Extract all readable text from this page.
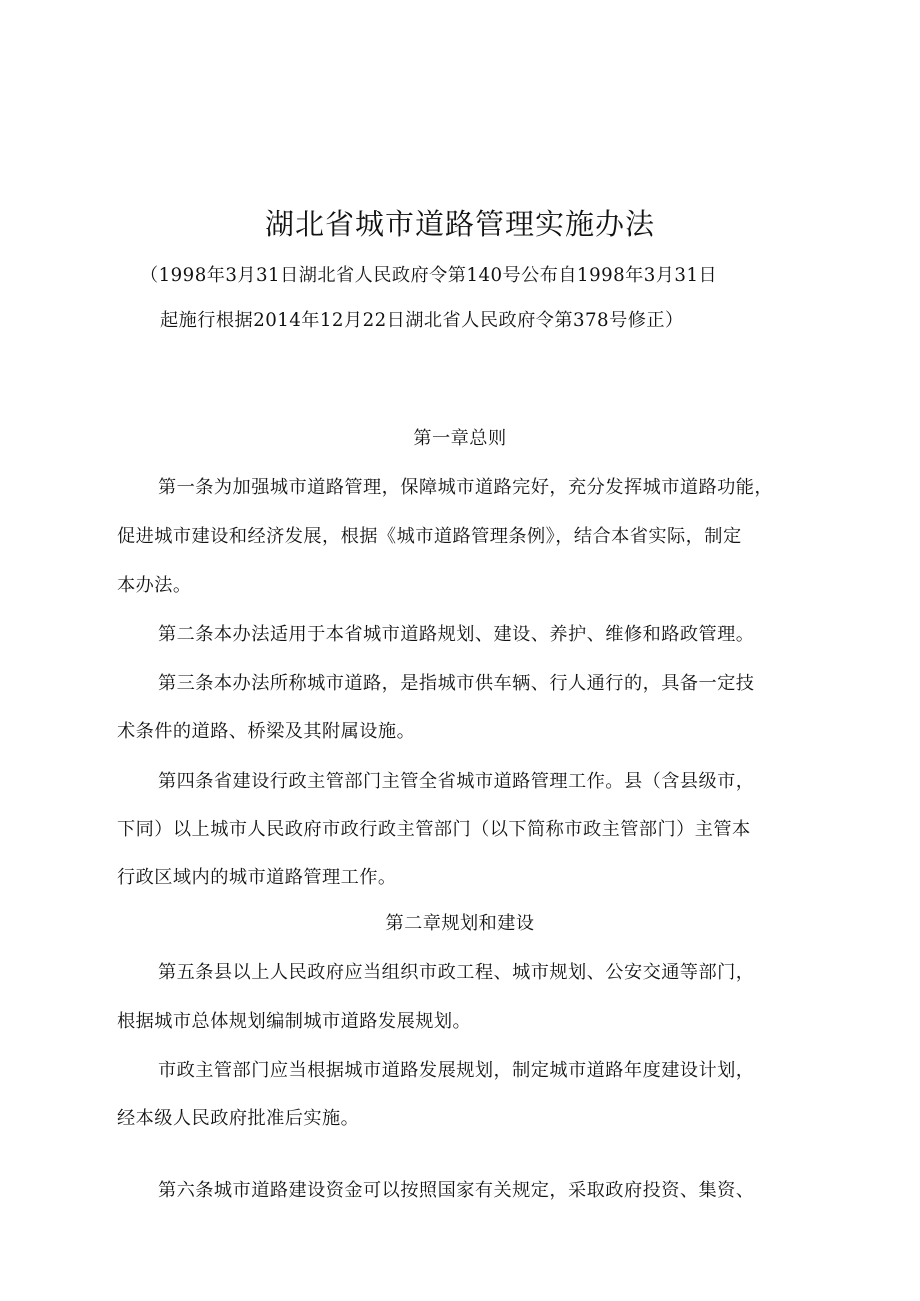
湖北省城市道路管理实施办法
（1998年3月31日湖北省人民政府令第140号公布自1998年3月31日
起施行根据2014年12月22日湖北省人民政府令第378号修正）
第一章总则
第一条为加强城市道路管理，保障城市道路完好，充分发挥城市道路功能，
促进城市建设和经济发展，根据《城市道路管理条例》，结合本省实际，制定
本办法。
第二条本办法适用于本省城市道路规划、建设、养护、维修和路政管理。
第三条本办法所称城市道路，是指城市供车辆、行人通行的，具备一定技
术条件的道路、桥梁及其附属设施。
第四条省建设行政主管部门主管全省城市道路管理工作。县（含县级市，
下同）以上城市人民政府市政行政主管部门（以下简称市政主管部门）主管本
行政区域内的城市道路管理工作。
第二章规划和建设
第五条县以上人民政府应当组织市政工程、城市规划、公安交通等部门，
根据城市总体规划编制城市道路发展规划。
市政主管部门应当根据城市道路发展规划，制定城市道路年度建设计划，
经本级人民政府批准后实施。
第六条城市道路建设资金可以按照国家有关规定，采取政府投资、集资、
